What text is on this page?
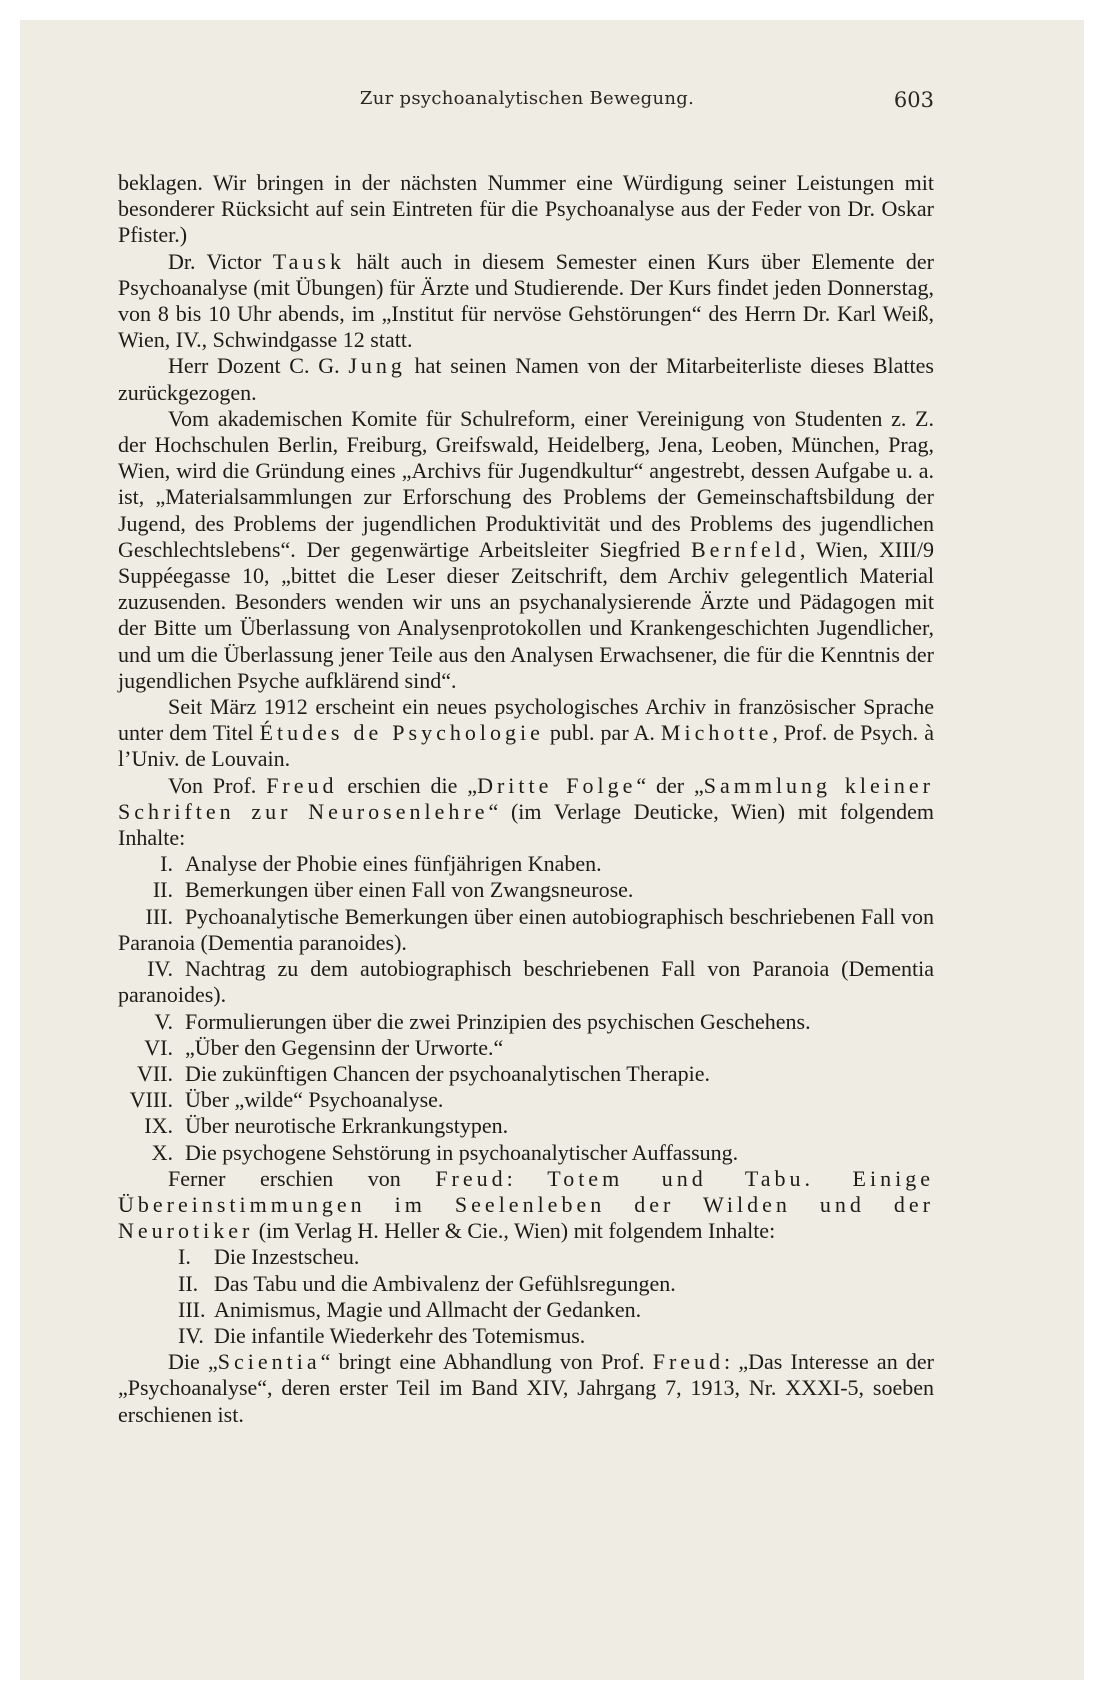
Zur psychoanalytischen Bewegung.	603

beklagen. Wir bringen in der nächsten Nummer eine Würdigung seiner Leistungen mit besonderer Rücksicht auf sein Eintreten für die Psychoanalyse aus der Feder von Dr. Oskar Pfister.)

Dr. Victor Tausk hält auch in diesem Semester einen Kurs über Elemente der Psychoanalyse (mit Übungen) für Ärzte und Studierende. Der Kurs findet jeden Donnerstag, von 8 bis 10 Uhr abends, im „Institut für nervöse Gehstörungen“ des Herrn Dr. Karl Weiß, Wien, IV., Schwindgasse 12 statt.

Herr Dozent C. G. Jung hat seinen Namen von der Mitarbeiterliste dieses Blattes zurückgezogen.

Vom akademischen Komite für Schulreform, einer Vereinigung von Studenten z. Z. der Hochschulen Berlin, Freiburg, Greifswald, Heidelberg, Jena, Leoben, München, Prag, Wien, wird die Gründung eines „Archivs für Jugendkultur“ angestrebt, dessen Aufgabe u. a. ist, „Materialsammlungen zur Erforschung des Problems der Gemeinschaftsbildung der Jugend, des Problems der jugendlichen Produktivität und des Problems des jugendlichen Geschlechtslebens“. Der gegenwärtige Arbeitsleiter Siegfried Bernfeld, Wien, XIII/9 Suppéegasse 10, „bittet die Leser dieser Zeitschrift, dem Archiv gelegentlich Material zuzusenden. Besonders wenden wir uns an psychanalysierende Ärzte und Pädagogen mit der Bitte um Überlassung von Analysenprotokollen und Krankengeschichten Jugendlicher, und um die Überlassung jener Teile aus den Analysen Erwachsener, die für die Kenntnis der jugendlichen Psyche aufklärend sind“.

Seit März 1912 erscheint ein neues psychologisches Archiv in französischer Sprache unter dem Titel Études de Psychologie publ. par A. Michotte, Prof. de Psych. à l’Univ. de Louvain.

Von Prof. Freud erschien die „Dritte Folge“ der „Sammlung kleiner Schriften zur Neurosenlehre“ (im Verlage Deuticke, Wien) mit folgendem Inhalte:

I. Analyse der Phobie eines fünfjährigen Knaben.
II. Bemerkungen über einen Fall von Zwangsneurose.
III. Pychoanalytische Bemerkungen über einen autobiographisch beschriebenen Fall von Paranoia (Dementia paranoides).
IV. Nachtrag zu dem autobiographisch beschriebenen Fall von Paranoia (Dementia paranoides).
V. Formulierungen über die zwei Prinzipien des psychischen Geschehens.
VI. „Über den Gegensinn der Urworte.“
VII. Die zukünftigen Chancen der psychoanalytischen Therapie.
VIII. Über „wilde“ Psychoanalyse.
IX. Über neurotische Erkrankungstypen.
X. Die psychogene Sehstörung in psychoanalytischer Auffassung.

Ferner erschien von Freud: Totem und Tabu. Einige Übereinstimmungen im Seelenleben der Wilden und der Neurotiker (im Verlag H. Heller & Cie., Wien) mit folgendem Inhalte:

I. Die Inzestscheu.
II. Das Tabu und die Ambivalenz der Gefühlsregungen.
III. Animismus, Magie und Allmacht der Gedanken.
IV. Die infantile Wiederkehr des Totemismus.

Die „Scientia“ bringt eine Abhandlung von Prof. Freud: „Das Interesse an der „Psychoanalyse“, deren erster Teil im Band XIV, Jahrgang 7, 1913, Nr. XXXI-5, soeben erschienen ist.
